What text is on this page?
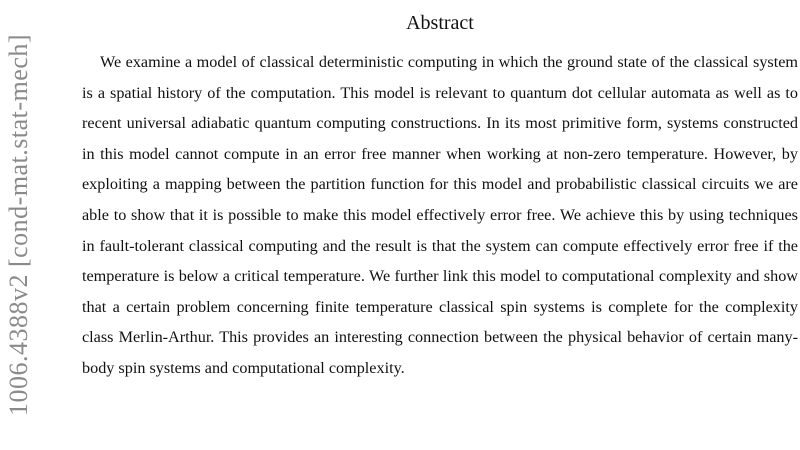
1006.4388v2 [cond-mat.stat-mech]
Abstract

We examine a model of classical deterministic computing in which the ground state of the classical system is a spatial history of the computation. This model is relevant to quantum dot cellular automata as well as to recent universal adiabatic quantum computing constructions. In its most primitive form, systems constructed in this model cannot compute in an error free manner when working at non-zero temperature. However, by exploiting a mapping between the partition function for this model and probabilistic classical circuits we are able to show that it is possible to make this model effectively error free. We achieve this by using techniques in fault-tolerant classical computing and the result is that the system can compute effectively error free if the temperature is below a critical temperature. We further link this model to computational complexity and show that a certain problem concerning finite temperature classical spin systems is complete for the complexity class Merlin-Arthur. This provides an interesting connection between the physical behavior of certain many-body spin systems and computational complexity.
